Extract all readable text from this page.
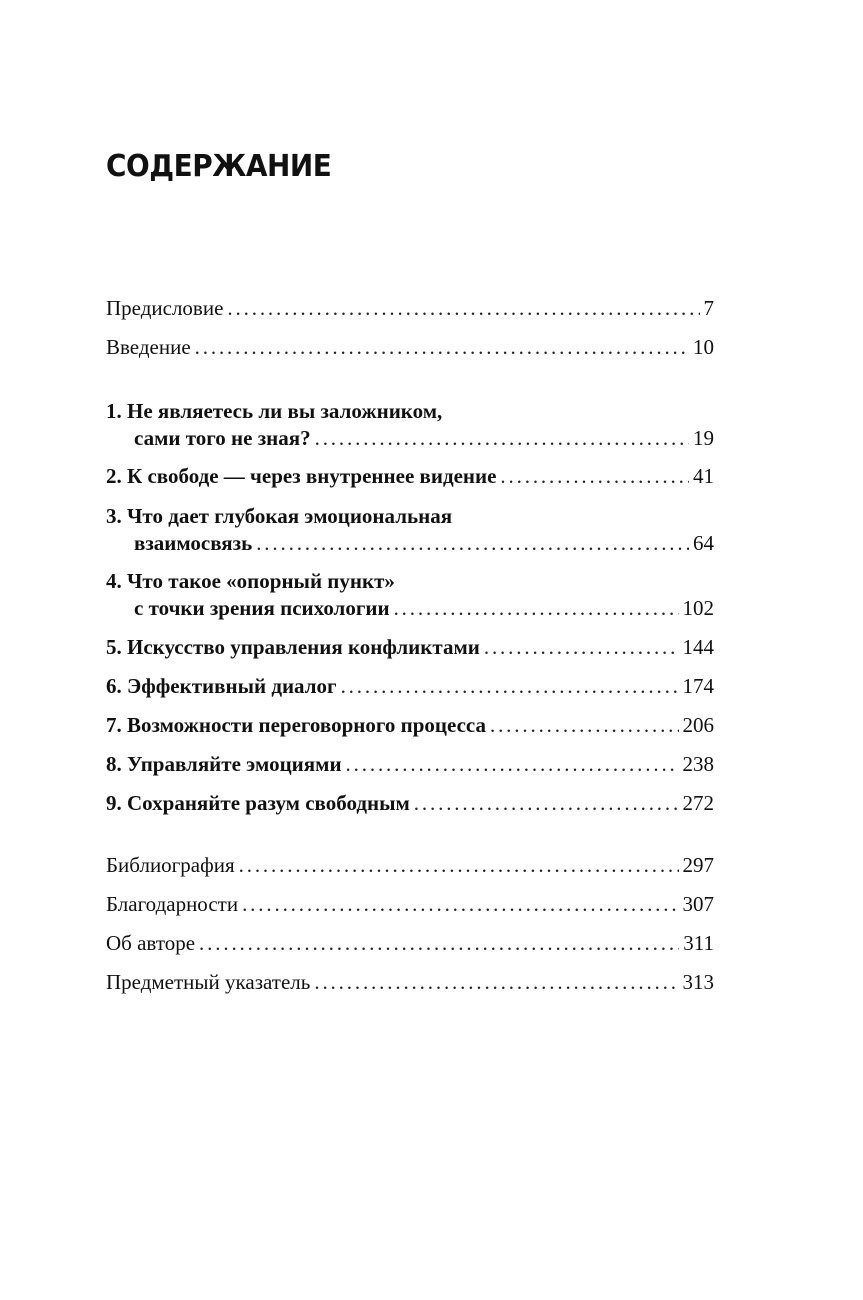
СОДЕРЖАНИЕ
Предисловие . . .	7
Введение . . .	10
1. Не являетесь ли вы заложником,
сами того не зная? . . .	19
2. К свободе — через внутреннее видение . . .	41
3. Что дает глубокая эмоциональная
взаимосвязь . . .	64
4. Что такое «опорный пункт»
с точки зрения психологии . . .	102
5. Искусство управления конфликтами . . .	144
6. Эффективный диалог . . .	174
7. Возможности переговорного процесса . . .	206
8. Управляйте эмоциями . . .	238
9. Сохраняйте разум свободным . . .	272
Библиография . . .	297
Благодарности . . .	307
Об авторе . . .	311
Предметный указатель . . .	313
